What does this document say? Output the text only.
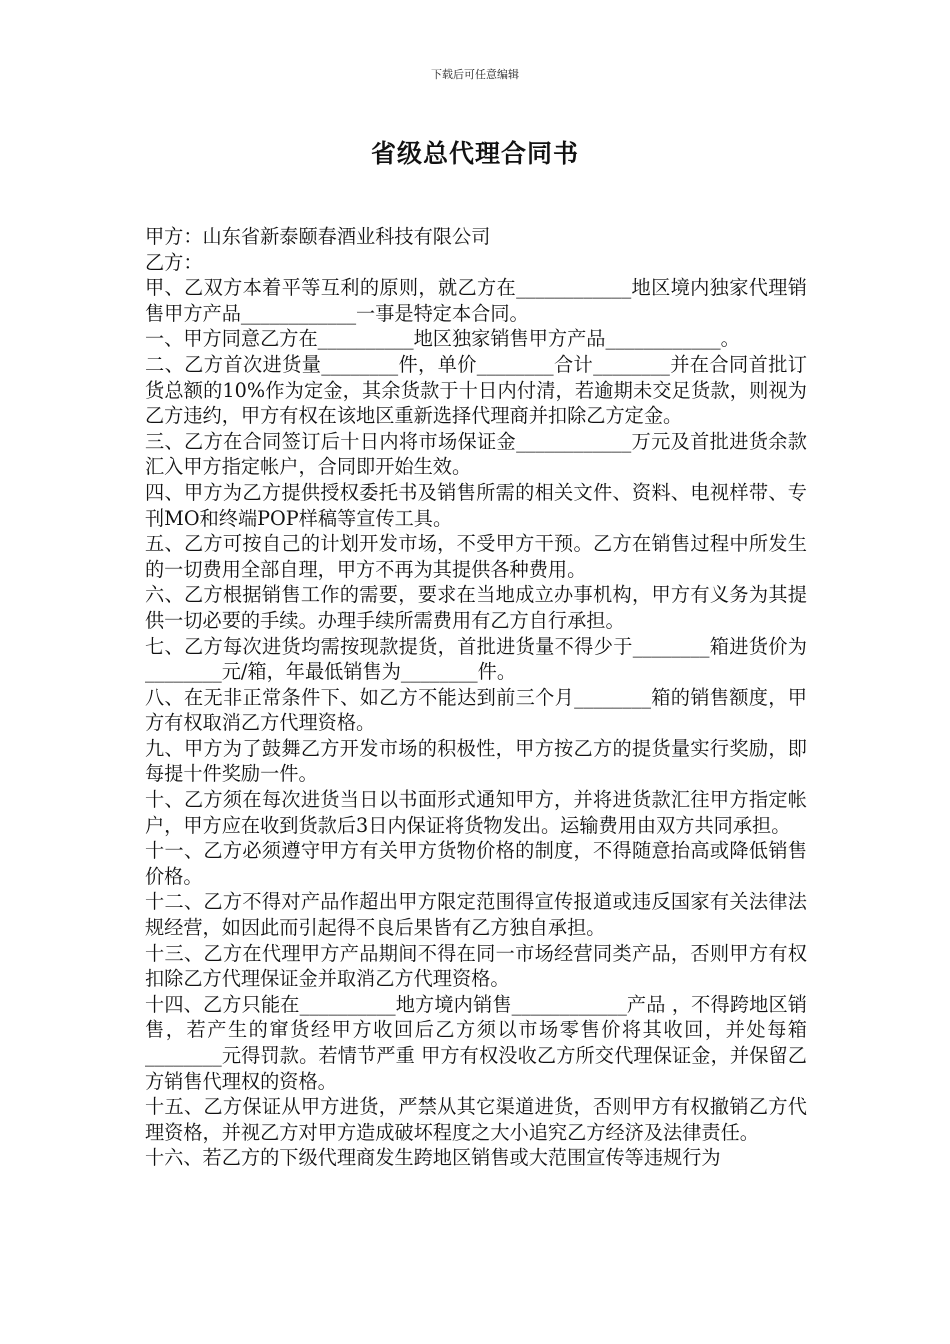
下载后可任意编辑
省级总代理合同书

甲方：山东省新泰颐春酒业科技有限公司

乙方：

甲、乙双方本着平等互利的原则，就乙方在____________地区境内独家代理销售甲方产品____________一事是特定本合同。

一、甲方同意乙方在__________地区独家销售甲方产品____________。

二、乙方首次进货量________件，单价________合计________并在合同首批订货总额的10%作为定金，其余货款于十日内付清，若逾期未交足货款，则视为乙方违约，甲方有权在该地区重新选择代理商并扣除乙方定金。

三、乙方在合同签订后十日内将市场保证金____________万元及首批进货余款汇入甲方指定帐户，合同即开始生效。

四、甲方为乙方提供授权委托书及销售所需的相关文件、资料、电视样带、专刊MO和终端POP样稿等宣传工具。

五、乙方可按自己的计划开发市场，不受甲方干预。乙方在销售过程中所发生的一切费用全部自理，甲方不再为其提供各种费用。

六、乙方根据销售工作的需要，要求在当地成立办事机构，甲方有义务为其提供一切必要的手续。办理手续所需费用有乙方自行承担。

七、乙方每次进货均需按现款提货，首批进货量不得少于________箱进货价为________元/箱，年最低销售为________件。

八、在无非正常条件下、如乙方不能达到前三个月________箱的销售额度，甲方有权取消乙方代理资格。

九、甲方为了鼓舞乙方开发市场的积极性，甲方按乙方的提货量实行奖励，即每提十件奖励一件。

十、乙方须在每次进货当日以书面形式通知甲方，并将进货款汇往甲方指定帐户，甲方应在收到货款后3日内保证将货物发出。运输费用由双方共同承担。

十一、乙方必须遵守甲方有关甲方货物价格的制度，不得随意抬高或降低销售价格。

十二、乙方不得对产品作超出甲方限定范围得宣传报道或违反国家有关法律法规经营，如因此而引起得不良后果皆有乙方独自承担。

十三、乙方在代理甲方产品期间不得在同一市场经营同类产品，否则甲方有权扣除乙方代理保证金并取消乙方代理资格。

十四、乙方只能在__________地方境内销售____________产品 ，不得跨地区销售，若产生的窜货经甲方收回后乙方须以市场零售价将其收回，并处每箱________元得罚款。若情节严重 甲方有权没收乙方所交代理保证金，并保留乙方销售代理权的资格。

十五、乙方保证从甲方进货，严禁从其它渠道进货，否则甲方有权撤销乙方代理资格，并视乙方对甲方造成破坏程度之大小追究乙方经济及法律责任。

十六、若乙方的下级代理商发生跨地区销售或大范围宣传等违规行为
